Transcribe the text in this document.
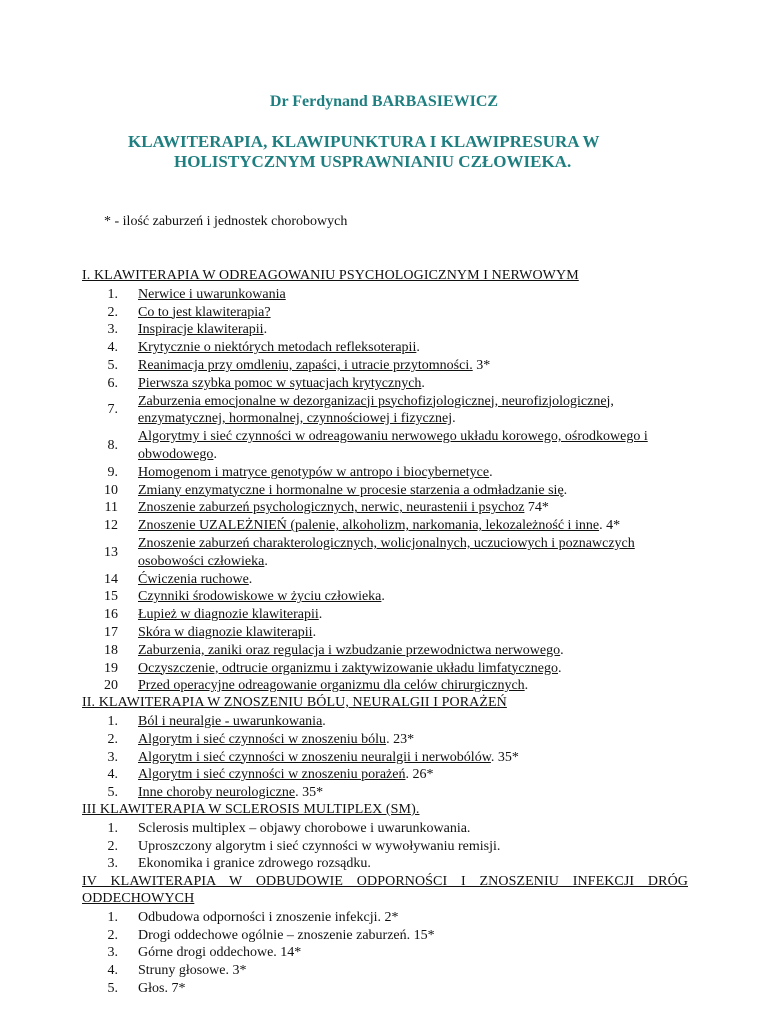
Dr Ferdynand BARBASIEWICZ
KLAWITERAPIA, KLAWIPUNKTURA I KLAWIPRESURA W
HOLISTYCZNYM USPRAWNIANIU CZŁOWIEKA.
* - ilość zaburzeń i jednostek chorobowych
I. KLAWITERAPIA W ODREAGOWANIU PSYCHOLOGICZNYM I NERWOWYM
1. Nerwice i uwarunkowania
2. Co to jest klawiterapia?
3. Inspiracje klawiterapii.
4. Krytycznie o niektórych metodach refleksoterapii.
5. Reanimacja przy omdleniu, zapaści, i utracie przytomności. 3*
6. Pierwsza szybka pomoc w sytuacjach krytycznych.
7.
Zaburzenia emocjonalne w dezorganizacji psychofizjologicznej, neurofizjologicznej, enzymatycznej, hormonalnej, czynnościowej i fizycznej.
8.
Algorytmy i sieć czynności w odreagowaniu nerwowego układu korowego, ośrodkowego i obwodowego.
9. Homogenom i matryce genotypów w antropo i biocybernetyce.
10 Zmiany enzymatyczne i hormonalne w procesie starzenia a odmładzanie się.
11 Znoszenie zaburzeń psychologicznych, nerwic, neurastenii i psychoz 74*
12 Znoszenie UZALEŻNIEŃ (palenie, alkoholizm, narkomania, lekozależność i inne. 4*
13
Znoszenie zaburzeń charakterologicznych, wolicjonalnych, uczuciowych i poznawczych osobowości człowieka.
14 Ćwiczenia ruchowe.
15 Czynniki środowiskowe w życiu człowieka.
16 Łupież w diagnozie klawiterapii.
17 Skóra w diagnozie klawiterapii.
18 Zaburzenia, zaniki oraz regulacja i wzbudzanie przewodnictwa nerwowego.
19 Oczyszczenie, odtrucie organizmu i zaktywizowanie układu limfatycznego.
20 Przed operacyjne odreagowanie organizmu dla celów chirurgicznych.
II. KLAWITERAPIA W ZNOSZENIU BÓLU, NEURALGII I PORAŻEŃ
1. Ból i neuralgie - uwarunkowania.
2. Algorytm i sieć czynności w znoszeniu bólu. 23*
3. Algorytm i sieć czynności w znoszeniu neuralgii i nerwobólów. 35*
4. Algorytm i sieć czynności w znoszeniu porażeń. 26*
5. Inne choroby neurologiczne. 35*
III KLAWITERAPIA W SCLEROSIS MULTIPLEX (SM).
1. Sclerosis multiplex – objawy chorobowe i uwarunkowania.
2. Uproszczony algorytm i sieć czynności w wywoływaniu remisji.
3. Ekonomika i granice zdrowego rozsądku.
IV KLAWITERAPIA W ODBUDOWIE ODPORNOŚCI I ZNOSZENIU INFEKCJI DRÓG ODDECHOWYCH
1. Odbudowa odporności i znoszenie infekcji. 2*
2. Drogi oddechowe ogólnie – znoszenie zaburzeń. 15*
3. Górne drogi oddechowe. 14*
4. Struny głosowe. 3*
5. Głos. 7*
